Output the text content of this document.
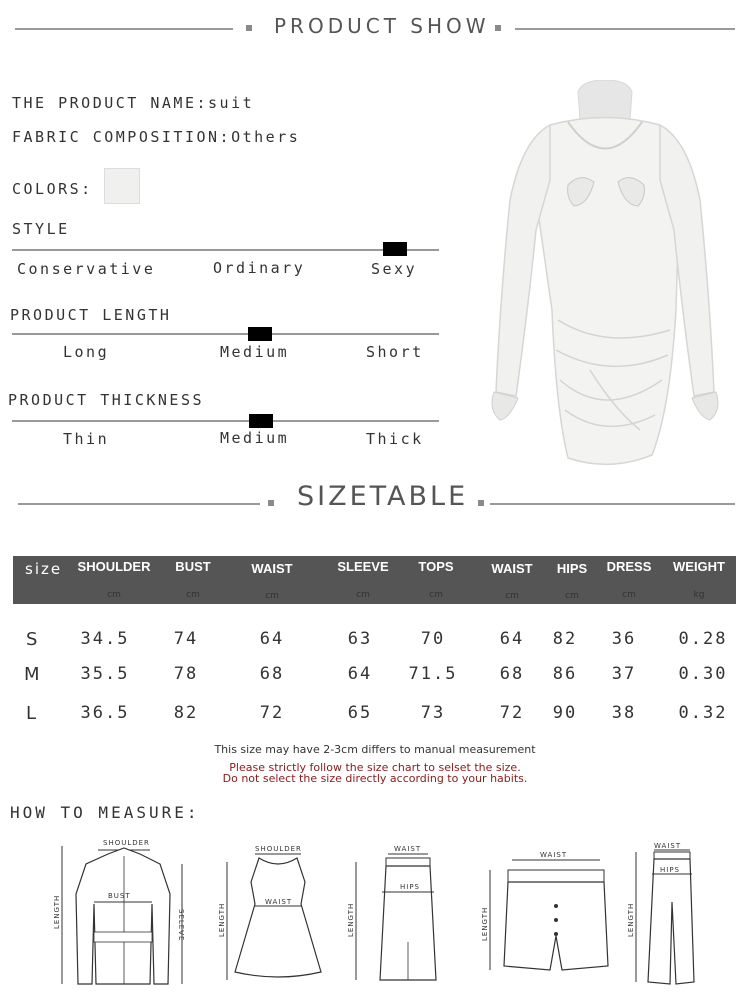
PRODUCT SHOW
THE PRODUCT NAME:suit
FABRIC COMPOSITION:Others
COLORS:
STYLE
Conservative	Ordinary	Sexy
PRODUCT LENGTH
Long	Medium	Short
PRODUCT THICKNESS
Thin	Medium	Thick
SIZETABLE
size SHOULDER BUST	WAIST	SLEEVE TOPS	WAIST HIPS DRESS WEIGHT
cm	cm	cm	cm	cm	cm	cm	cm	kg
S	34.5	74	64	63	70	64 82 36 0.28
M 35.5	78	68	64 71.5 68 86 37 0.30
L	36.5	82	72	65	73	72 90 38 0.32
This size may have 2-3cm differs to manual measurement
Please strictly follow the size chart to selset the size.
Do not select the size directly according to your habits.
HOW TO MEASURE:
SHOULDER
LENGTH	BUST
SELEVE
SHOULDER
LENGTH
WAIST
WAIST
LENGTH
HIPS
WAIST
LENGTH
WAIST
LENGTH
HIPS
